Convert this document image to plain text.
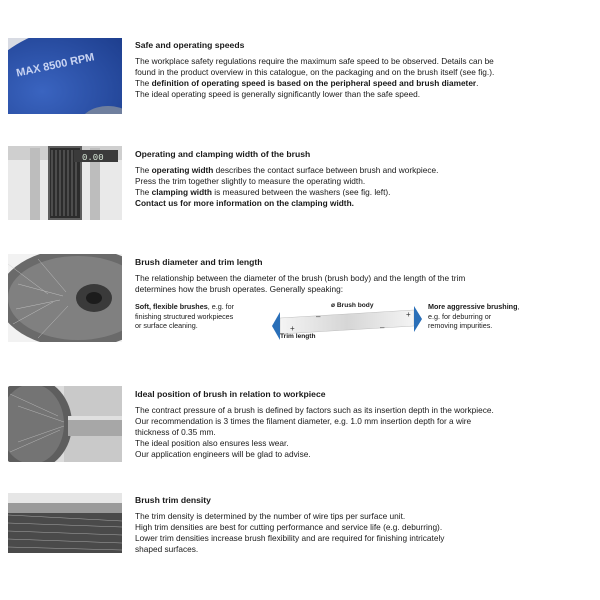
MAX 8500 RPM
Safe and operating speeds
The workplace safety regulations require the maximum safe speed to be observed. Details can be
found in the product overview in this catalogue, on the packaging and on the brush itself (see fig.).
The definition of operating speed is based on the peripheral speed and brush diameter.
The ideal operating speed is generally significantly lower than the safe speed.
0.00	Operating and clamping width of the brush
The operating width describes the contact surface between brush and workpiece.
Press the trim together slightly to measure the operating width.
The clamping width is measured between the washers (see fig. left).
Contact us for more information on the clamping width.
Brush diameter and trim length
The relationship between the diameter of the brush (brush body) and the length of the trim
determines how the brush operates. Generally speaking:
Soft, flexible brushes, e.g. for
finishing structured workpieces
or surface cleaning.
–	+
+	–
ø Brush body
Trim length
More aggressive brushing,
e.g. for deburring or
removing impurities.
Ideal position of brush in relation to workpiece
The contract pressure of a brush is defined by factors such as its insertion depth in the workpiece.
Our recommendation is 3 times the filament diameter, e.g. 1.0 mm insertion depth for a wire
thickness of 0.35 mm.
The ideal position also ensures less wear.
Our application engineers will be glad to advise.
Brush trim density
The trim density is determined by the number of wire tips per surface unit.
High trim densities are best for cutting performance and service life (e.g. deburring).
Lower trim densities increase brush flexibility and are required for finishing intricately
shaped surfaces.
